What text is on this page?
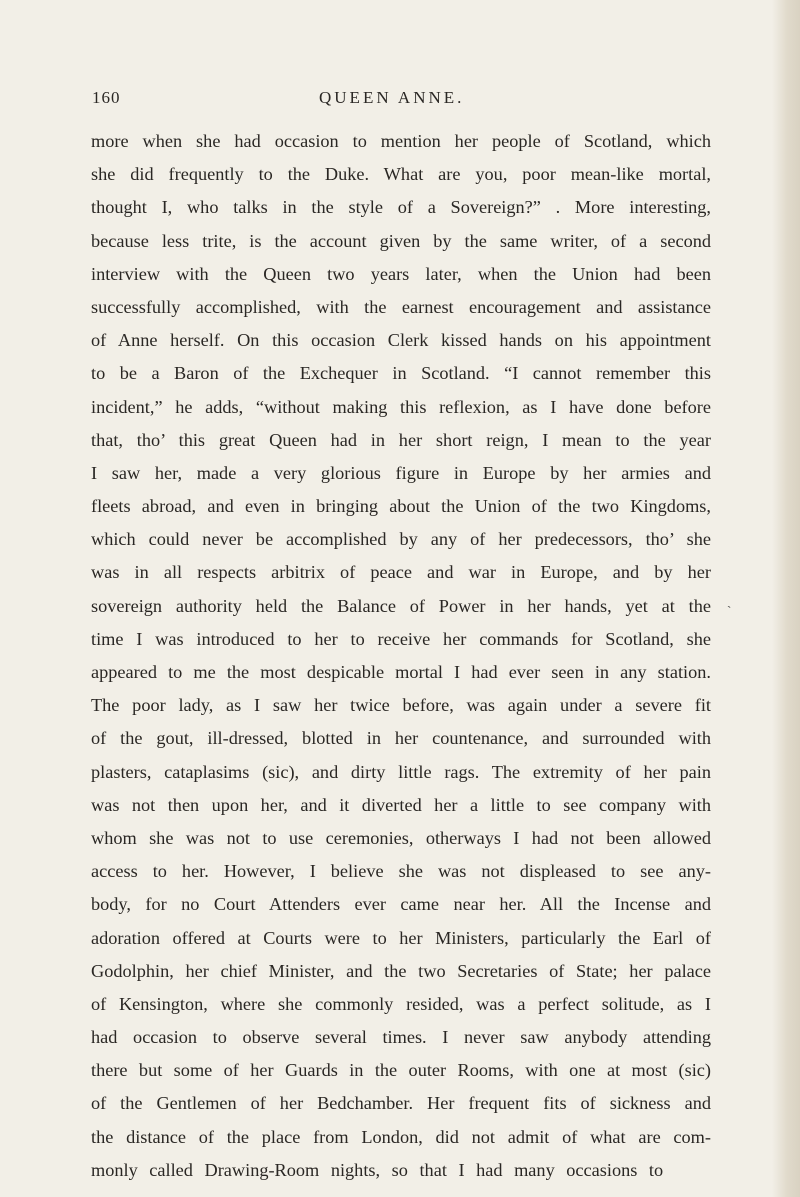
160	QUEEN ANNE.
more when she had occasion to mention her people of Scotland, which
she did frequently to the Duke. What are you, poor mean-like mortal,
thought I, who talks in the style of a Sovereign?” . More interesting,
because less trite, is the account given by the same writer, of a second
interview with the Queen two years later, when the Union had been
successfully accomplished, with the earnest encouragement and assistance
of Anne herself. On this occasion Clerk kissed hands on his appointment
to be a Baron of the Exchequer in Scotland. “I cannot remember this
incident,” he adds, “without making this reflexion, as I have done before
that, tho’ this great Queen had in her short reign, I mean to the year
I saw her, made a very glorious figure in Europe by her armies and
fleets abroad, and even in bringing about the Union of the two Kingdoms,
which could never be accomplished by any of her predecessors, tho’ she
was in all respects arbitrix of peace and war in Europe, and by her
sovereign authority held the Balance of Power in her hands, yet at the
time I was introduced to her to receive her commands for Scotland, she
appeared to me the most despicable mortal I had ever seen in any station.
The poor lady, as I saw her twice before, was again under a severe fit
of the gout, ill-dressed, blotted in her countenance, and surrounded with
plasters, cataplasims (sic), and dirty little rags. The extremity of her pain
was not then upon her, and it diverted her a little to see company with
whom she was not to use ceremonies, otherways I had not been allowed
access to her. However, I believe she was not displeased to see any-
body, for no Court Attenders ever came near her. All the Incense and
adoration offered at Courts were to her Ministers, particularly the Earl of
Godolphin, her chief Minister, and the two Secretaries of State; her palace
of Kensington, where she commonly resided, was a perfect solitude, as I
had occasion to observe several times. I never saw anybody attending
there but some of her Guards in the outer Rooms, with one at most (sic)
of the Gentlemen of her Bedchamber. Her frequent fits of sickness and
the distance of the place from London, did not admit of what are com-
monly called Drawing-Room nights, so that I had many occasions to
ˋ
